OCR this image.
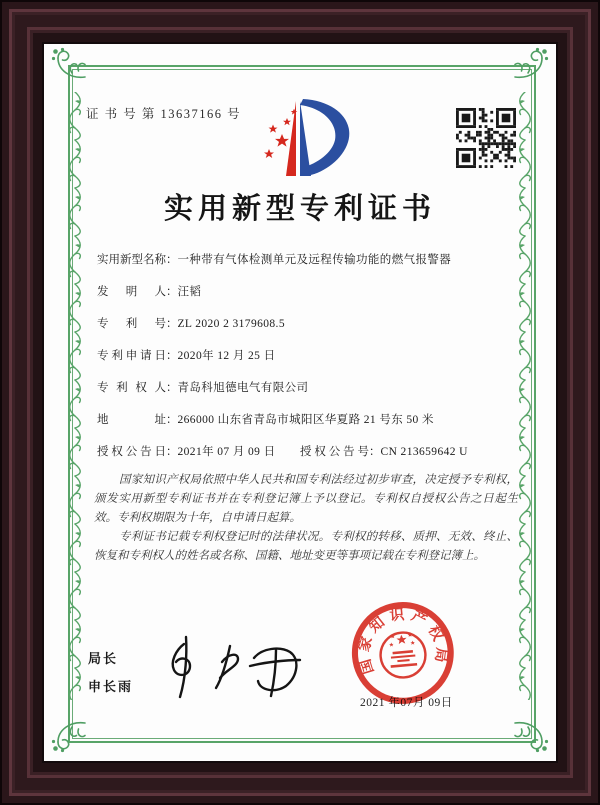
证 书 号 第 13637166 号
实用新型专利证书
实 用 新 型 名 称 ： 一种带有气体检测单元及远程传输功能的燃气报警器
发 明 人 ： 汪韬
专 利 号 ： ZL 2020 2 3179608.5
专 利 申 请 日 ： 2020年 12 月 25 日
专 利 权 人 ： 青岛科旭德电气有限公司
地	址 ： 266000 山东省青岛市城阳区华夏路 21 号东 50 米
授 权 公 告 日 ： 2021年 07 月 09 日 授 权 公 告 号 ： CN 213659642 U

国家知识产权局依照中华人民共和国专利法经过初步审查，决定授予专利权，颁发实用新型专利证书并在专利登记簿上予以登记。专利权自授权公告之日起生效。专利权期限为十年，自申请日起算。

专利证书记载专利权登记时的法律状况。专利权的转移、质押、无效、终止、恢复和专利权人的姓名或名称、国籍、地址变更等事项记载在专利登记簿上。

局长
申长雨
2021 年07月 09日
国家知识产权局
